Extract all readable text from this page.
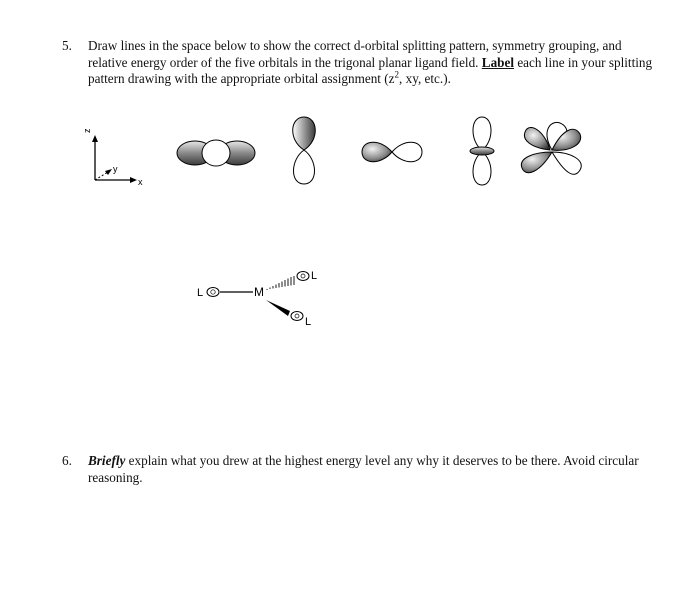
5. Draw lines in the space below to show the correct d-orbital splitting pattern, symmetry grouping, and relative energy order of the five orbitals in the trigonal planar ligand field. Label each line in your splitting pattern drawing with the appropriate orbital assignment ($z^2$, xy, etc.).
z
y
x
L	M
L
L
6. Briefly explain what you drew at the highest energy level any why it deserves to be there. Avoid circular reasoning.
